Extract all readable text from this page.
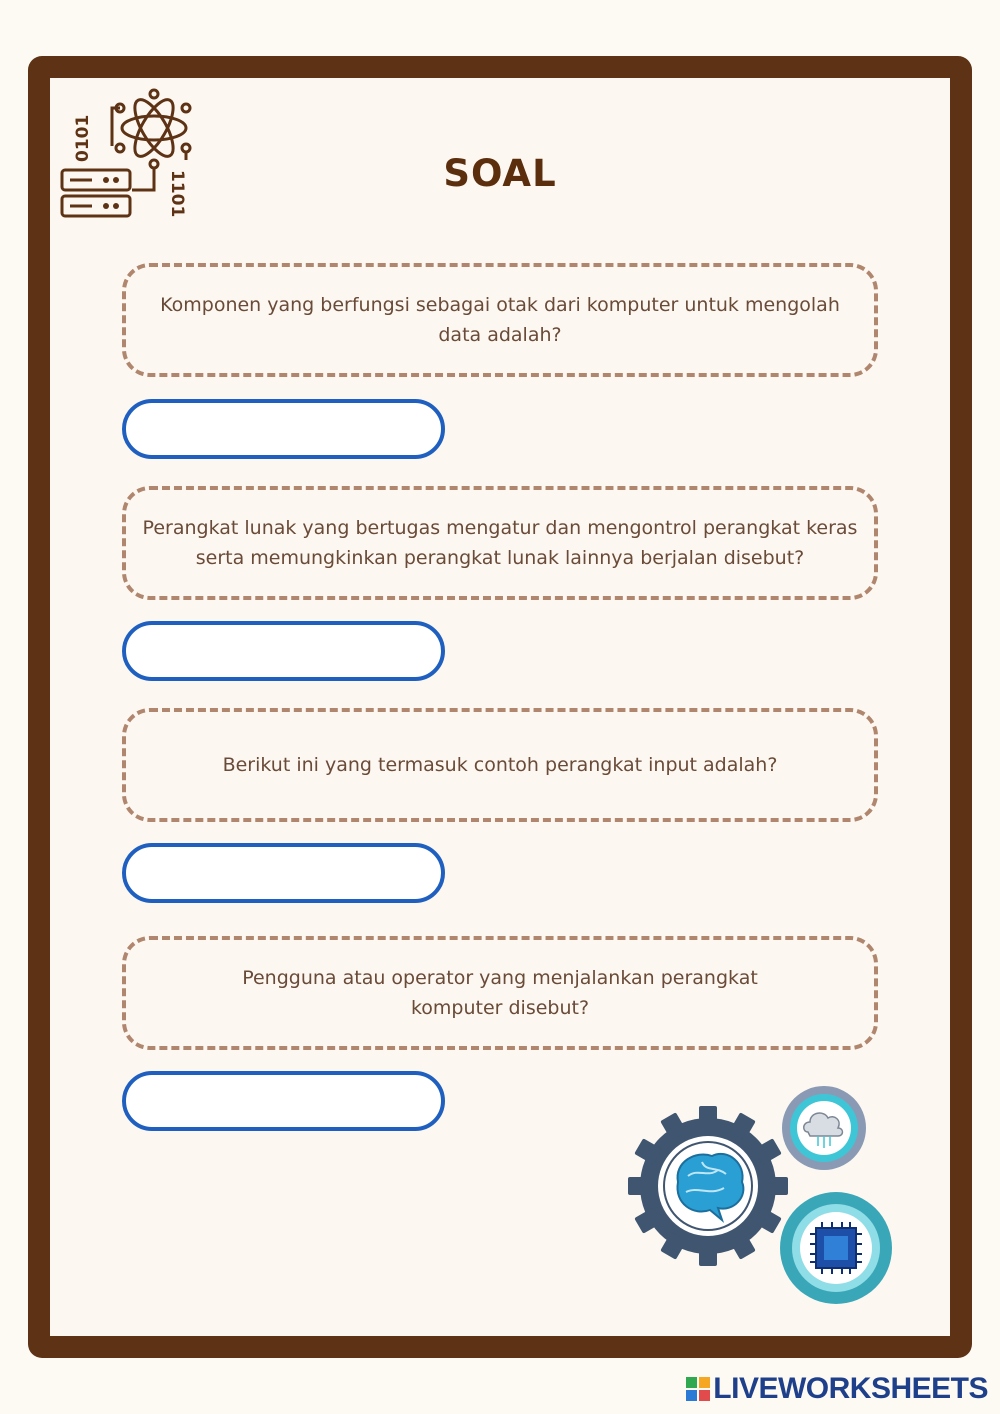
0101
1101	SOAL
Komponen yang berfungsi sebagai otak dari komputer untuk mengolah data adalah?
Perangkat lunak yang bertugas mengatur dan mengontrol perangkat keras serta memungkinkan perangkat lunak lainnya berjalan disebut?
Berikut ini yang termasuk contoh perangkat input adalah?
Pengguna atau operator yang menjalankan perangkat komputer disebut?
LIVEWORKSHEETS
